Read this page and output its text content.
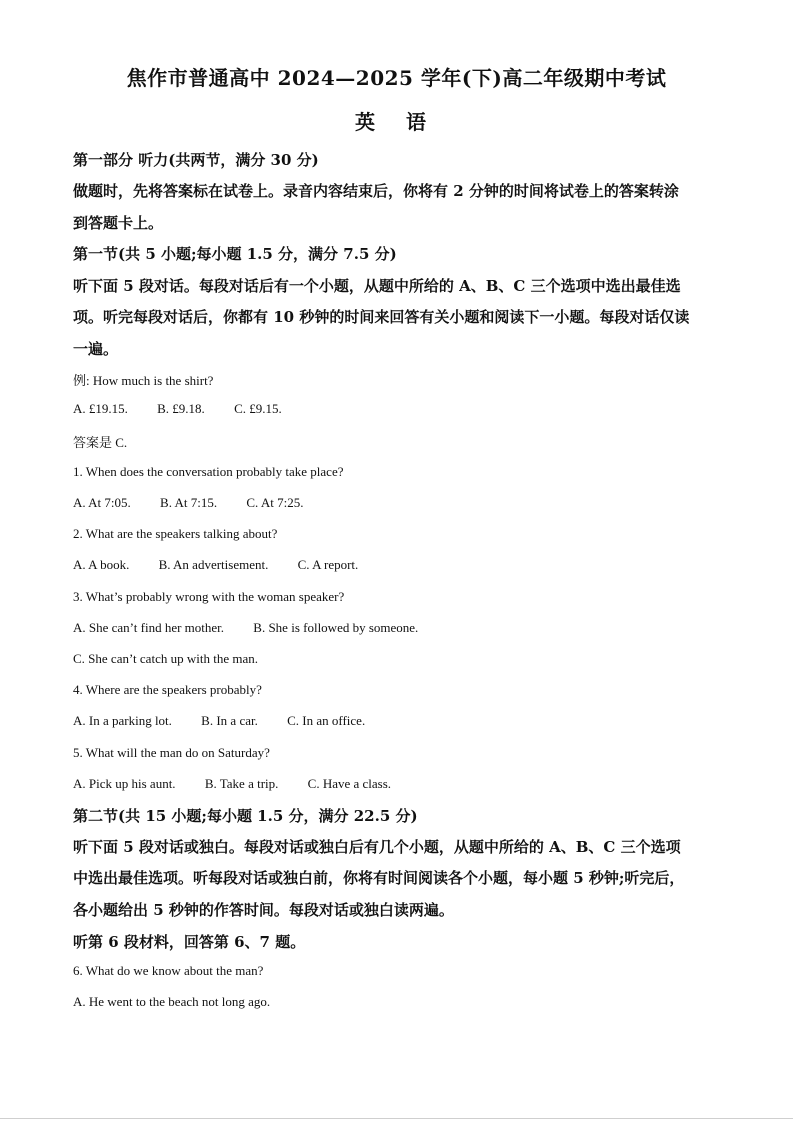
焦作市普通高中 2024—2025 学年(下)高二年级期中考试
英 语
第一部分 听力(共两节，满分 30 分)
做题时，先将答案标在试卷上。录音内容结束后，你将有 2 分钟的时间将试卷上的答案转涂
到答题卡上。
第一节(共 5 小题;每小题 1.5 分，满分 7.5 分)
听下面 5 段对话。每段对话后有一个小题，从题中所给的 A、B、C 三个选项中选出最佳选
项。听完每段对话后，你都有 10 秒钟的时间来回答有关小题和阅读下一小题。每段对话仅读
一遍。
例: How much is the shirt?
A. £19.15. B. £9.18. C. £9.15.
答案是 C.
1. When does the conversation probably take place?
A. At 7:05. B. At 7:15. C. At 7:25.
2. What are the speakers talking about?
A. A book. B. An advertisement. C. A report.
3. What’s probably wrong with the woman speaker?
A. She can’t find her mother. B. She is followed by someone.
C. She can’t catch up with the man.
4. Where are the speakers probably?
A. In a parking lot. B. In a car. C. In an office.
5. What will the man do on Saturday?
A. Pick up his aunt. B. Take a trip. C. Have a class.
第二节(共 15 小题;每小题 1.5 分，满分 22.5 分)
听下面 5 段对话或独白。每段对话或独白后有几个小题，从题中所给的 A、B、C 三个选项
中选出最佳选项。听每段对话或独白前，你将有时间阅读各个小题，每小题 5 秒钟;听完后，
各小题给出 5 秒钟的作答时间。每段对话或独白读两遍。
听第 6 段材料，回答第 6、7 题。
6. What do we know about the man?
A. He went to the beach not long ago.
